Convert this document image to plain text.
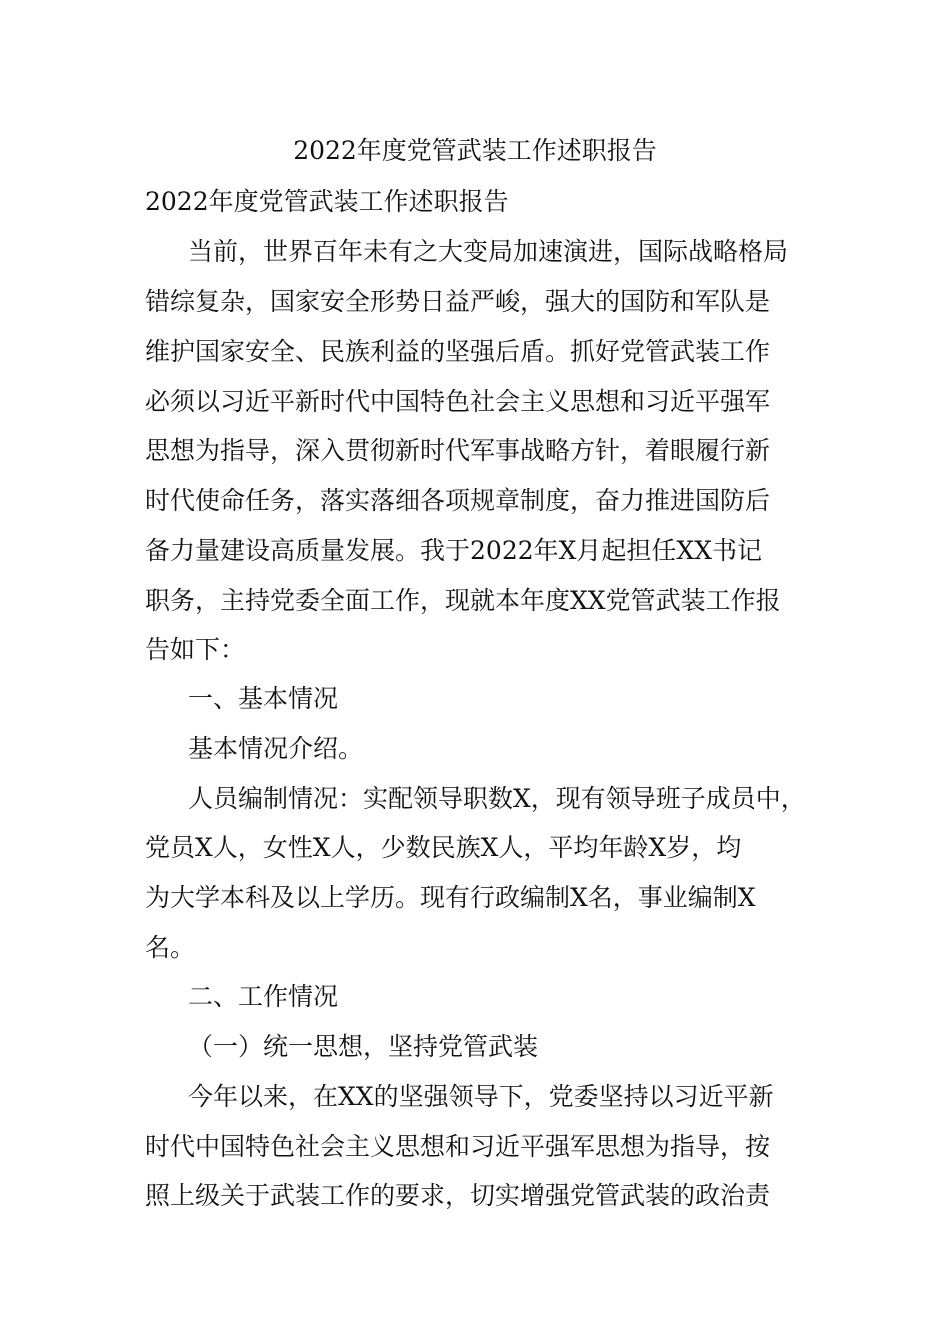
2022年度党管武装工作述职报告
2022年度党管武装工作述职报告
当前，世界百年未有之大变局加速演进，国际战略格局
错综复杂，国家安全形势日益严峻，强大的国防和军队是
维护国家安全、民族利益的坚强后盾。抓好党管武装工作
必须以习近平新时代中国特色社会主义思想和习近平强军
思想为指导，深入贯彻新时代军事战略方针，着眼履行新
时代使命任务，落实落细各项规章制度，奋力推进国防后
备力量建设高质量发展。我于2022年X月起担任XX书记
职务，主持党委全面工作，现就本年度XX党管武装工作报
告如下：
一、基本情况
基本情况介绍。
人员编制情况：实配领导职数X，现有领导班子成员中，
党员X人，女性X人，少数民族X人，平均年龄X岁，均
为大学本科及以上学历。现有行政编制X名，事业编制X
名。
二、工作情况
（一）统一思想，坚持党管武装
今年以来，在XX的坚强领导下，党委坚持以习近平新
时代中国特色社会主义思想和习近平强军思想为指导，按
照上级关于武装工作的要求，切实增强党管武装的政治责
